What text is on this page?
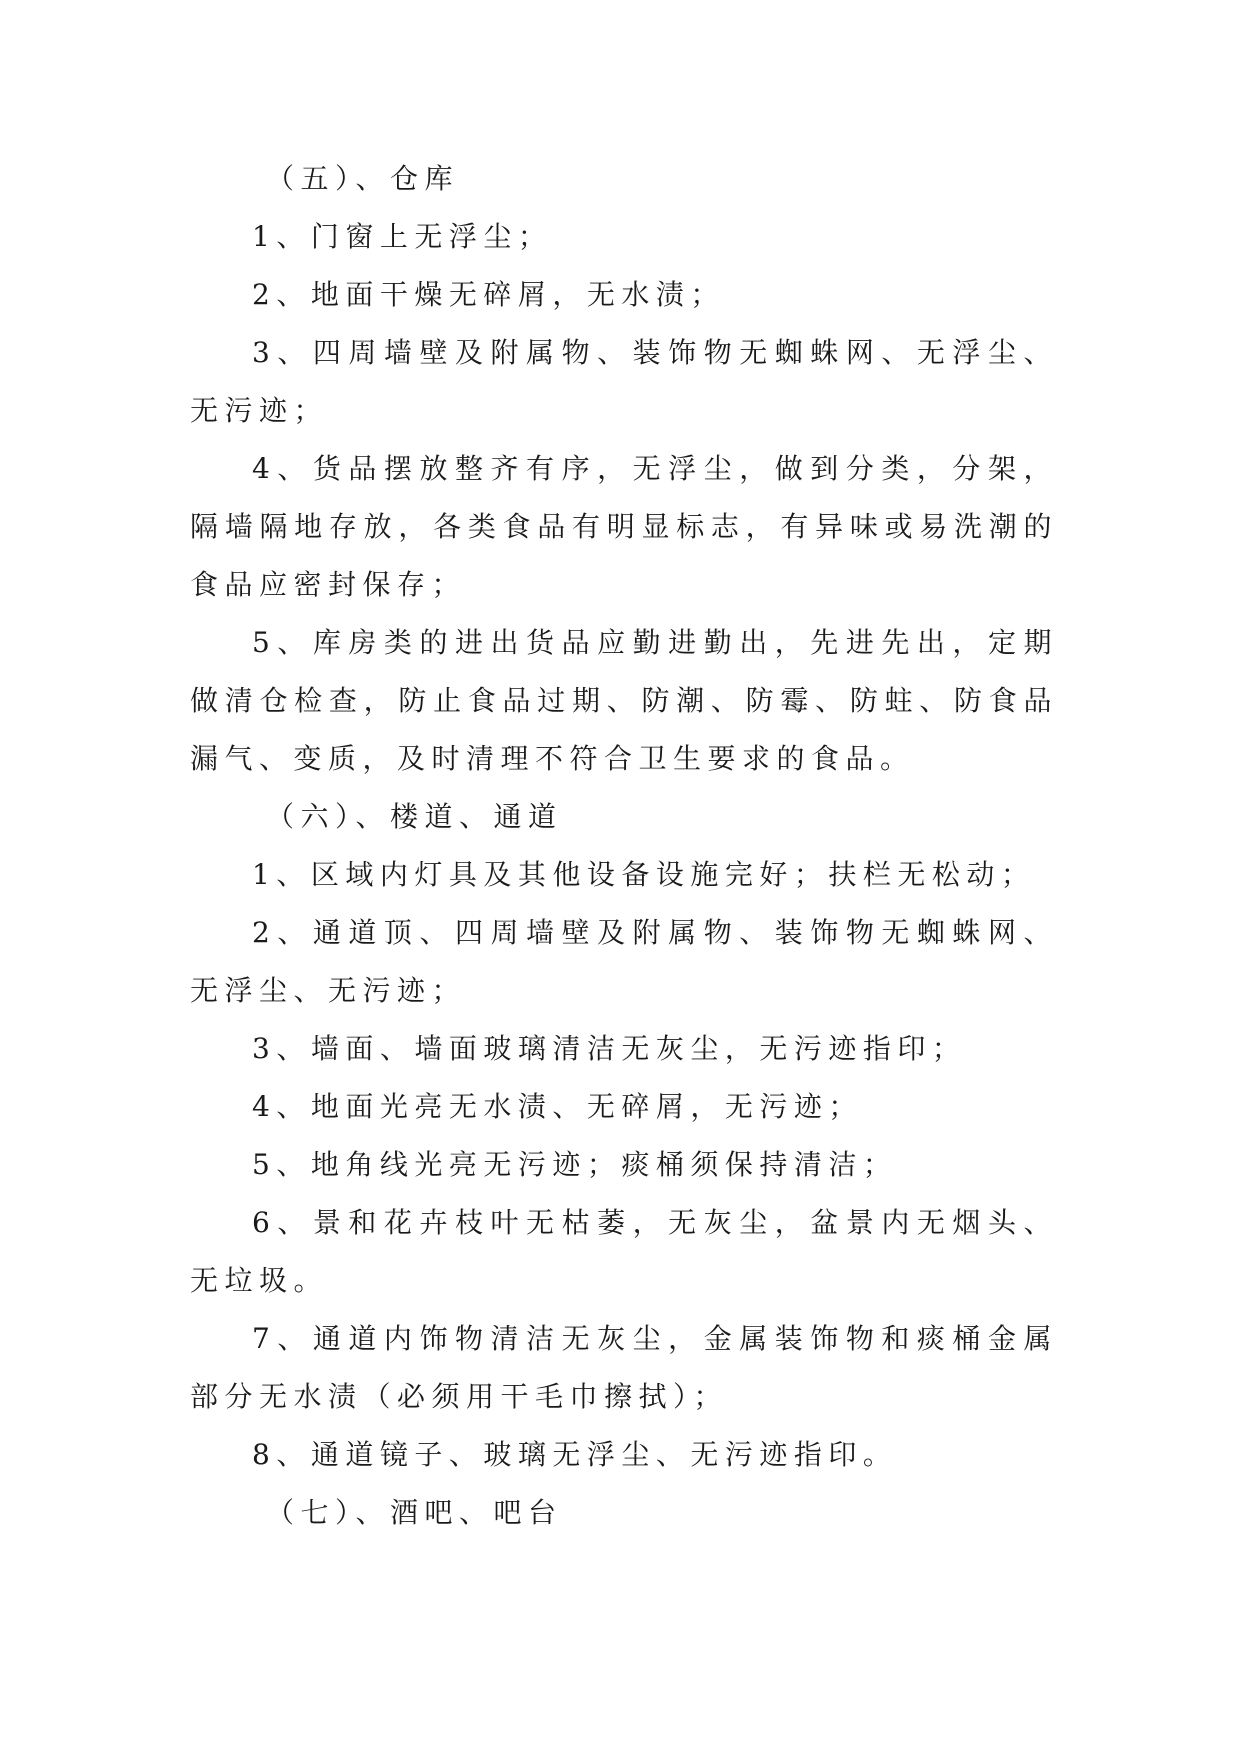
（五）、仓库

1、门窗上无浮尘；

2、地面干燥无碎屑，无水渍；

3、四周墙壁及附属物、装饰物无蜘蛛网、无浮尘、无污迹；

4、货品摆放整齐有序，无浮尘，做到分类，分架，隔墙隔地存放，各类食品有明显标志，有异味或易洗潮的食品应密封保存；

5、库房类的进出货品应勤进勤出，先进先出，定期做清仓检查，防止食品过期、防潮、防霉、防蛀、防食品漏气、变质，及时清理不符合卫生要求的食品。

（六）、楼道、通道

1、区域内灯具及其他设备设施完好；扶栏无松动；

2、通道顶、四周墙壁及附属物、装饰物无蜘蛛网、无浮尘、无污迹；

3、墙面、墙面玻璃清洁无灰尘，无污迹指印；

4、地面光亮无水渍、无碎屑，无污迹；

5、地角线光亮无污迹；痰桶须保持清洁；

6、景和花卉枝叶无枯萎，无灰尘，盆景内无烟头、无垃圾。

7、通道内饰物清洁无灰尘，金属装饰物和痰桶金属部分无水渍（必须用干毛巾擦拭）；

8、通道镜子、玻璃无浮尘、无污迹指印。

（七）、酒吧、吧台
